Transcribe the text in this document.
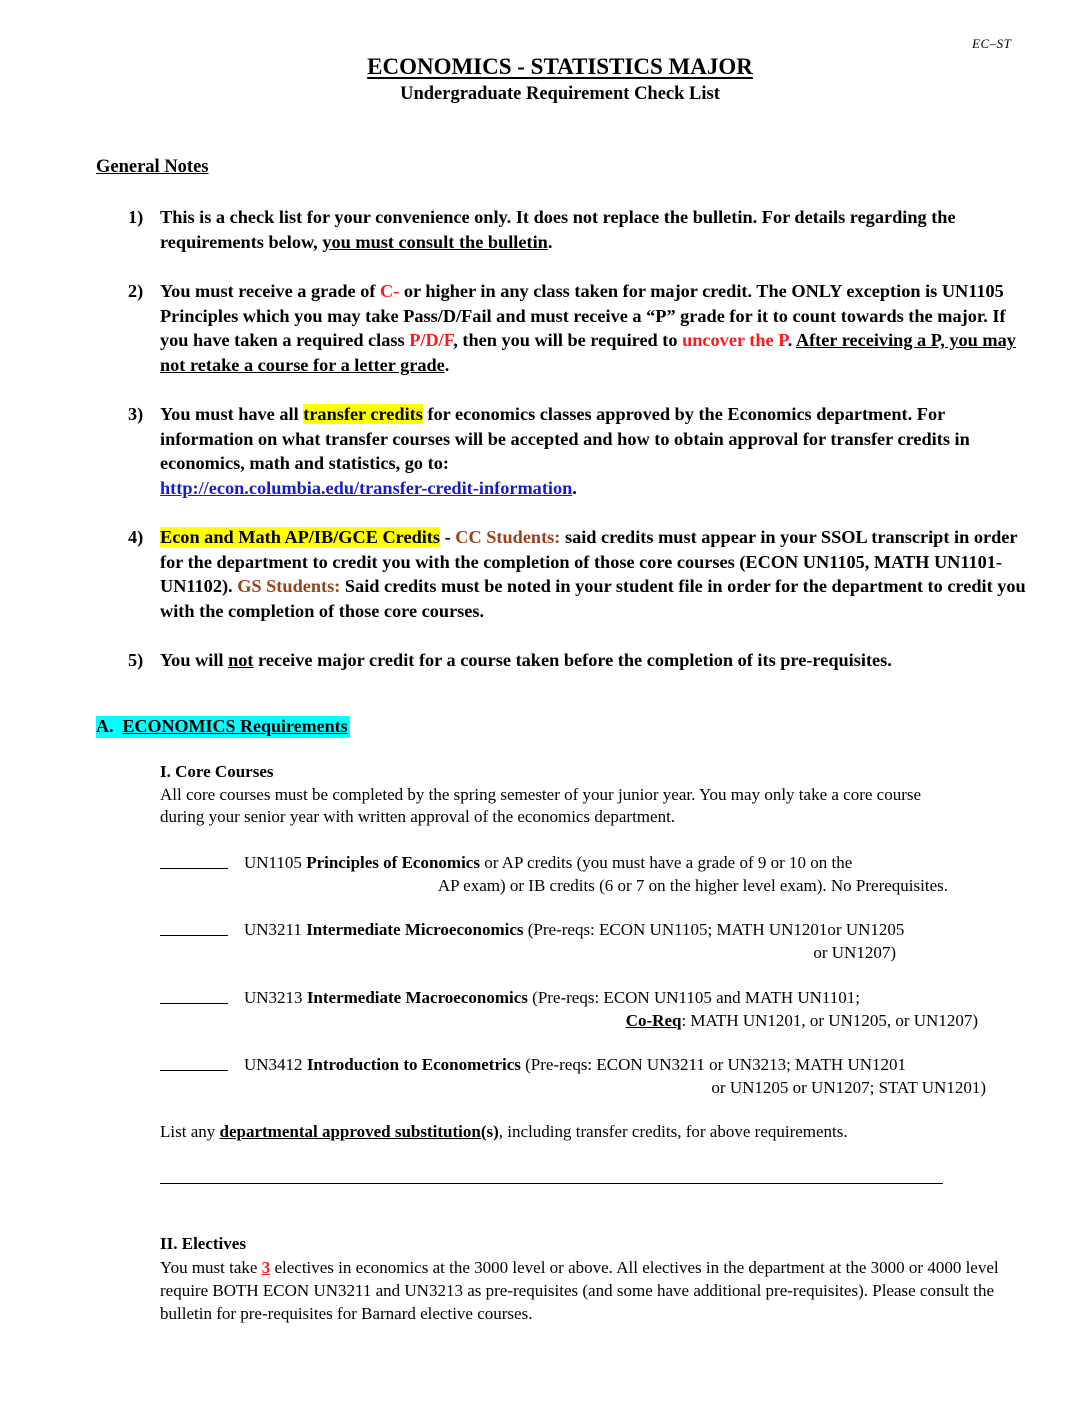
EC–ST
ECONOMICS - STATISTICS MAJOR
Undergraduate Requirement Check List
General Notes
1) This is a check list for your convenience only. It does not replace the bulletin. For details regarding the requirements below, you must consult the bulletin.
2) You must receive a grade of C- or higher in any class taken for major credit. The ONLY exception is UN1105 Principles which you may take Pass/D/Fail and must receive a “P” grade for it to count towards the major. If you have taken a required class P/D/F, then you will be required to uncover the P. After receiving a P, you may not retake a course for a letter grade.
3) You must have all transfer credits for economics classes approved by the Economics department. For information on what transfer courses will be accepted and how to obtain approval for transfer credits in economics, math and statistics, go to:
http://econ.columbia.edu/transfer-credit-information.
4) Econ and Math AP/IB/GCE Credits - CC Students: said credits must appear in your SSOL transcript in order for the department to credit you with the completion of those core courses (ECON UN1105, MATH UN1101-UN1102). GS Students: Said credits must be noted in your student file in order for the department to credit you with the completion of those core courses.
5) You will not receive major credit for a course taken before the completion of its pre-requisites.
A.  ECONOMICS Requirements
I. Core Courses
All core courses must be completed by the spring semester of your junior year. You may only take a core course during your senior year with written approval of the economics department.
UN1105 Principles of Economics or AP credits (you must have a grade of 9 or 10 on the
AP exam) or IB credits (6 or 7 on the higher level exam). No Prerequisites.
UN3211 Intermediate Microeconomics (Pre-reqs: ECON UN1105; MATH UN1201or UN1205
or UN1207)
UN3213 Intermediate Macroeconomics (Pre-reqs: ECON UN1105 and MATH UN1101;
Co-Req: MATH UN1201, or UN1205, or UN1207)
UN3412 Introduction to Econometrics (Pre-reqs: ECON UN3211 or UN3213; MATH UN1201
or UN1205 or UN1207; STAT UN1201)
List any departmental approved substitution(s), including transfer credits, for above requirements.
II. Electives
You must take 3 electives in economics at the 3000 level or above. All electives in the department at the 3000 or 4000 level require BOTH ECON UN3211 and UN3213 as pre-requisites (and some have additional pre-requisites). Please consult the bulletin for pre-requisites for Barnard elective courses.
